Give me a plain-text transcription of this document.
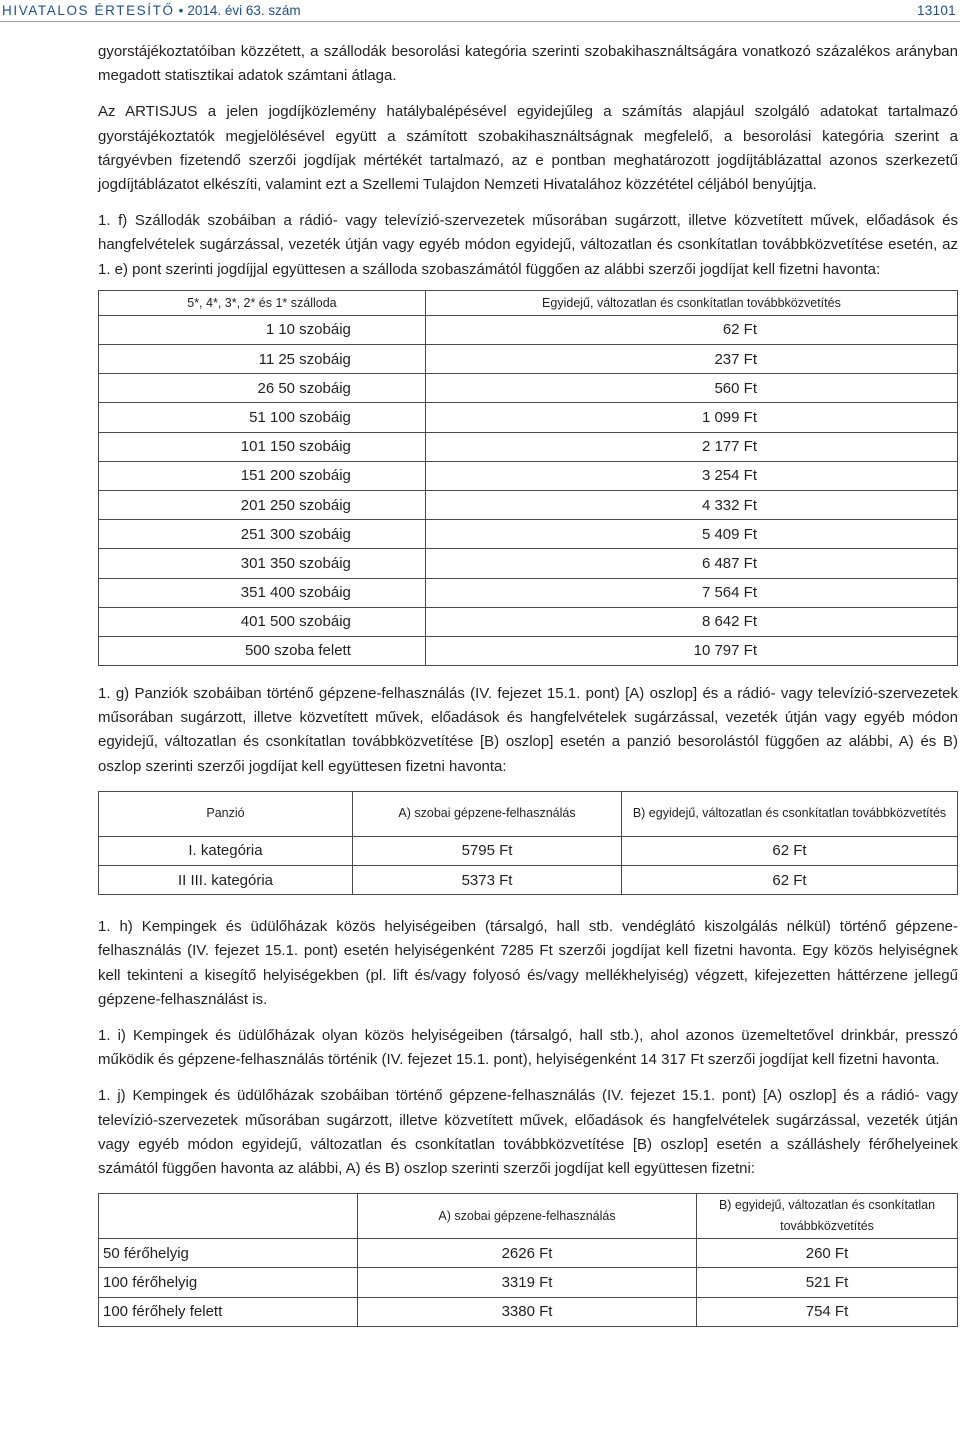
HIVATALOS ÉRTESÍTŐ • 2014. évi 63. szám	13101

gyorstájékoztatóiban közzétett, a szállodák besorolási kategória szerinti szobakihasználtságára vonatkozó százalékos arányban megadott statisztikai adatok számtani átlaga.

Az ARTISJUS a jelen jogdíjközlemény hatálybalépésével egyidejűleg a számítás alapjául szolgáló adatokat tartalmazó gyorstájékoztatók megjelölésével együtt a számított szobakihasználtságnak megfelelő, a besorolási kategória szerint a tárgyévben fizetendő szerzői jogdíjak mértékét tartalmazó, az e pontban meghatározott jogdíjtáblázattal azonos szerkezetű jogdíjtáblázatot elkészíti, valamint ezt a Szellemi Tulajdon Nemzeti Hivatalához közzététel céljából benyújtja.

1. f) Szállodák szobáiban a rádió- vagy televízió-szervezetek műsorában sugárzott, illetve közvetített művek, előadások és hangfelvételek sugárzással, vezeték útján vagy egyéb módon egyidejű, változatlan és csonkítatlan továbbközvetítése esetén, az 1. e) pont szerinti jogdíjjal együttesen a szálloda szobaszámától függően az alábbi szerzői jogdíjat kell fizetni havonta:

5*, 4*, 3*, 2* és 1* szálloda	Egyidejű, változatlan és csonkítatlan továbbközvetítés
1 10 szobáig	62 Ft
11 25 szobáig	237 Ft
26 50 szobáig	560 Ft
51 100 szobáig	1 099 Ft
101 150 szobáig	2 177 Ft
151 200 szobáig	3 254 Ft
201 250 szobáig	4 332 Ft
251 300 szobáig	5 409 Ft
301 350 szobáig	6 487 Ft
351 400 szobáig	7 564 Ft
401 500 szobáig	8 642 Ft
500 szoba felett	10 797 Ft

1. g) Panziók szobáiban történő gépzene-felhasználás (IV. fejezet 15.1. pont) [A) oszlop] és a rádió- vagy televízió-szervezetek műsorában sugárzott, illetve közvetített művek, előadások és hangfelvételek sugárzással, vezeték útján vagy egyéb módon egyidejű, változatlan és csonkítatlan továbbközvetítése [B) oszlop] esetén a panzió besorolástól függően az alábbi, A) és B) oszlop szerinti szerzői jogdíjat kell együttesen fizetni havonta:

Panzió	A) szobai gépzene-felhasználás	B) egyidejű, változatlan és csonkítatlan továbbközvetítés
I. kategória	5795 Ft	62 Ft
II III. kategória	5373 Ft	62 Ft

1. h) Kempingek és üdülőházak közös helyiségeiben (társalgó, hall stb. vendéglátó kiszolgálás nélkül) történő gépzene-felhasználás (IV. fejezet 15.1. pont) esetén helyiségenként 7285 Ft szerzői jogdíjat kell fizetni havonta. Egy közös helyiségnek kell tekinteni a kisegítő helyiségekben (pl. lift és/vagy folyosó és/vagy mellékhelyiség) végzett, kifejezetten háttérzene jellegű gépzene-felhasználást is.

1. i) Kempingek és üdülőházak olyan közös helyiségeiben (társalgó, hall stb.), ahol azonos üzemeltetővel drinkbár, presszó működik és gépzene-felhasználás történik (IV. fejezet 15.1. pont), helyiségenként 14 317 Ft szerzői jogdíjat kell fizetni havonta.

1. j) Kempingek és üdülőházak szobáiban történő gépzene-felhasználás (IV. fejezet 15.1. pont) [A) oszlop] és a rádió- vagy televízió-szervezetek műsorában sugárzott, illetve közvetített művek, előadások és hangfelvételek sugárzással, vezeték útján vagy egyéb módon egyidejű, változatlan és csonkítatlan továbbközvetítése [B) oszlop] esetén a szálláshely férőhelyeinek számától függően havonta az alábbi, A) és B) oszlop szerinti szerzői jogdíjat kell együttesen fizetni:

	A) szobai gépzene-felhasználás	B) egyidejű, változatlan és csonkítatlan továbbközvetítés
50 férőhelyig	2626 Ft	260 Ft
100 férőhelyig	3319 Ft	521 Ft
100 férőhely felett	3380 Ft	754 Ft
